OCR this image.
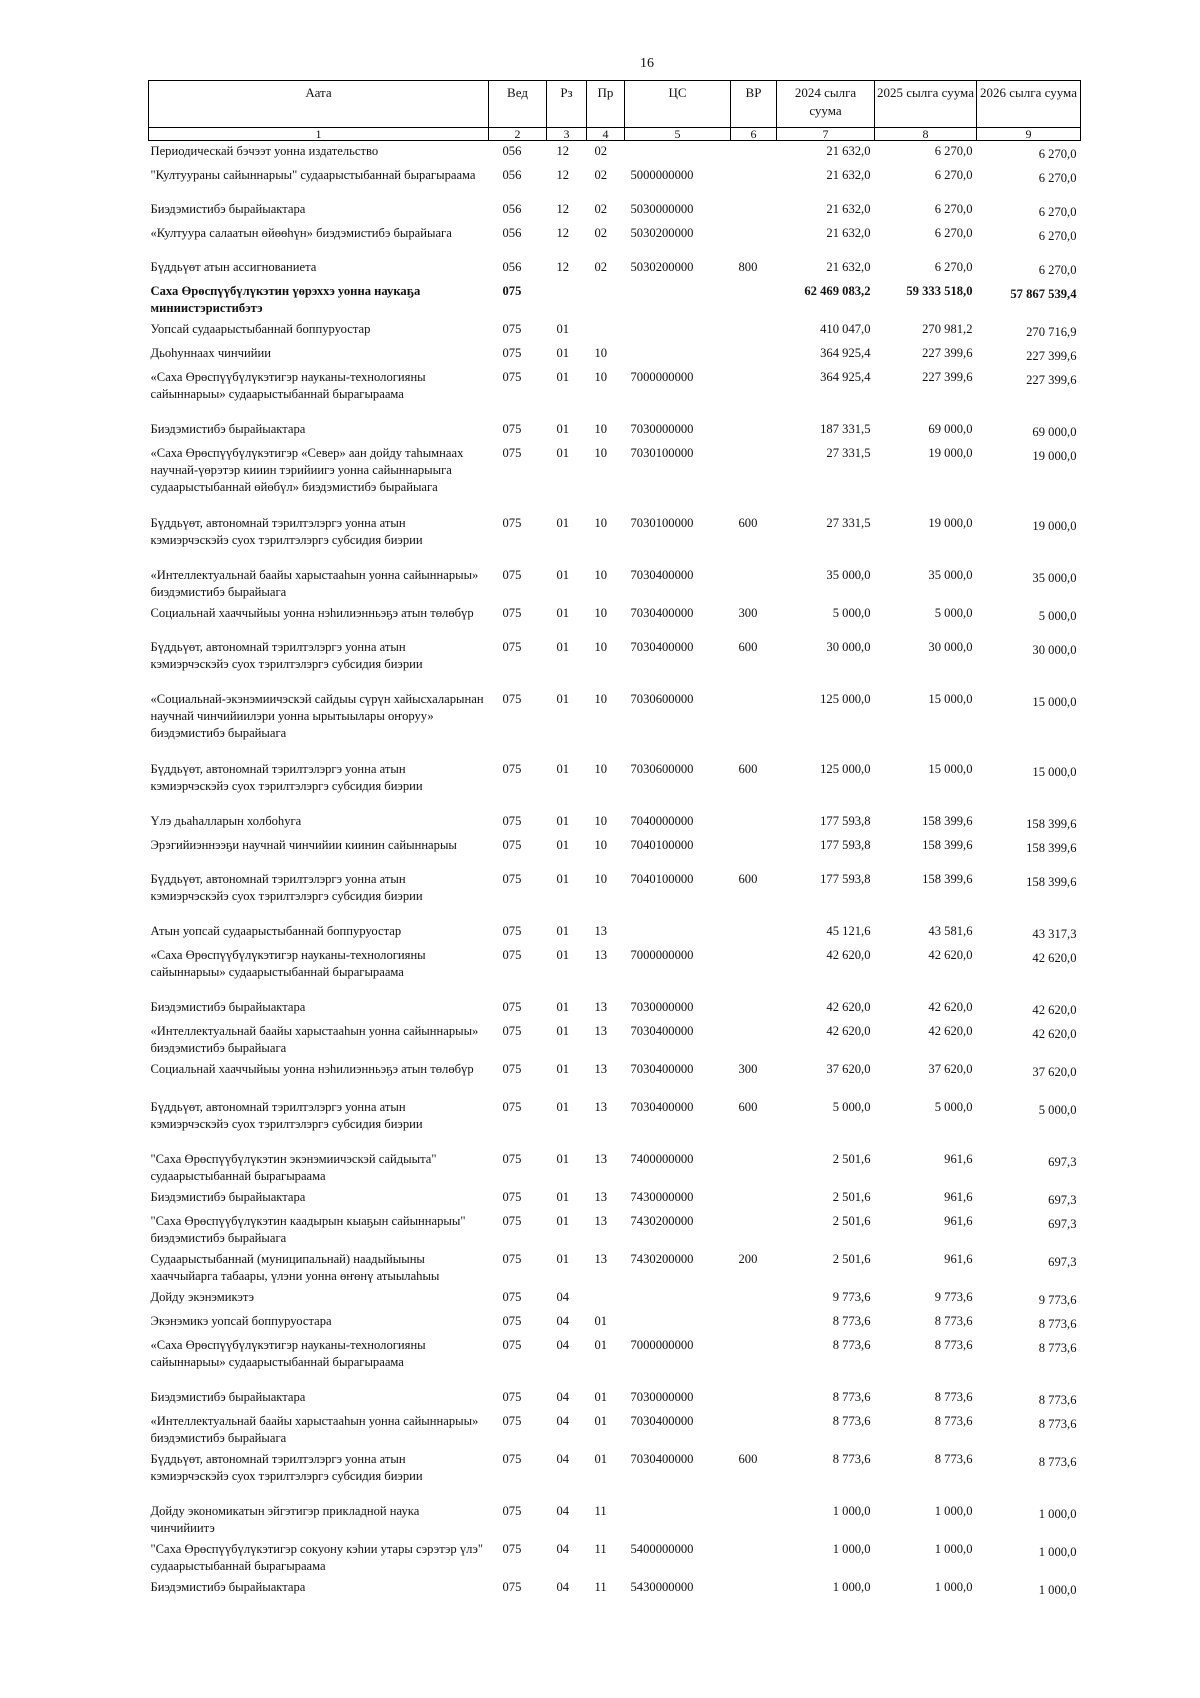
16
Аата	Вед	Рз	Пр	ЦС	ВР	2024 сылга суума	2025 сылга суума	2026 сылга суума
1	2	3	4	5	6	7	8	9
Периодическай бэчээт уонна издательство	056	12	02			21 632,0	6 270,0	6 270,0
"Култуураны сайыннарыы" судаарыстыбаннай бырагыраама	056	12	02	5000000000		21 632,0	6 270,0	6 270,0
Биэдэмистибэ бырайыактара	056	12	02	5030000000		21 632,0	6 270,0	6 270,0
«Култуура салаатын өйөөһүн» биэдэмистибэ бырайыага	056	12	02	5030200000		21 632,0	6 270,0	6 270,0
Бүддьүөт атын ассигнованиета	056	12	02	5030200000	800	21 632,0	6 270,0	6 270,0
Саха Өрөспүүбүлүкэтин үөрэххэ уонна наукаҕа миниистэристибэтэ	075					62 469 083,2	59 333 518,0	57 867 539,4
Уопсай судаарыстыбаннай боппуруостар	075	01				410 047,0	270 981,2	270 716,9
Дьоһуннаах чинчийии	075	01	10			364 925,4	227 399,6	227 399,6
«Саха Өрөспүүбүлүкэтигэр науканы-технологияны сайыннарыы» судаарыстыбаннай бырагыраама	075	01	10	7000000000		364 925,4	227 399,6	227 399,6
Биэдэмистибэ бырайыактара	075	01	10	7030000000		187 331,5	69 000,0	69 000,0
«Саха Өрөспүүбүлүкэтигэр «Север» аан дойду таһымнаах научнай-үөрэтэр кииин тэрийиигэ уонна сайыннарыыга судаарыстыбаннай өйөбүл» биэдэмистибэ бырайыага	075	01	10	7030100000		27 331,5	19 000,0	19 000,0
Бүддьүөт, автономнай тэрилтэлэргэ уонна атын кэмиэрчэскэйэ суох тэрилтэлэргэ субсидия биэрии	075	01	10	7030100000	600	27 331,5	19 000,0	19 000,0
«Интеллектуальнай баайы харыстааһын уонна сайыннарыы» биэдэмистибэ бырайыага	075	01	10	7030400000		35 000,0	35 000,0	35 000,0
Социальнай хааччыйыы уонна нэһилиэнньэҕэ атын төлөбүр	075	01	10	7030400000	300	5 000,0	5 000,0	5 000,0
Бүддьүөт, автономнай тэрилтэлэргэ уонна атын кэмиэрчэскэйэ суох тэрилтэлэргэ субсидия биэрии	075	01	10	7030400000	600	30 000,0	30 000,0	30 000,0
«Социальнай-экэнэмиичэскэй сайдыы сүрүн хайысхаларынан научнай чинчийиилэри уонна ырытыылары оҥоруу» биэдэмистибэ бырайыага	075	01	10	7030600000		125 000,0	15 000,0	15 000,0
Бүддьүөт, автономнай тэрилтэлэргэ уонна атын кэмиэрчэскэйэ суох тэрилтэлэргэ субсидия биэрии	075	01	10	7030600000	600	125 000,0	15 000,0	15 000,0
Үлэ дьаһалларын холбоһуга	075	01	10	7040000000		177 593,8	158 399,6	158 399,6
Эрэгийиэннээҕи научнай чинчийии киинин сайыннарыы	075	01	10	7040100000		177 593,8	158 399,6	158 399,6
Бүддьүөт, автономнай тэрилтэлэргэ уонна атын кэмиэрчэскэйэ суох тэрилтэлэргэ субсидия биэрии	075	01	10	7040100000	600	177 593,8	158 399,6	158 399,6
Атын уопсай судаарыстыбаннай боппуруостар	075	01	13			45 121,6	43 581,6	43 317,3
«Саха Өрөспүүбүлүкэтигэр науканы-технологияны сайыннарыы» судаарыстыбаннай бырагыраама	075	01	13	7000000000		42 620,0	42 620,0	42 620,0
Биэдэмистибэ бырайыактара	075	01	13	7030000000		42 620,0	42 620,0	42 620,0
«Интеллектуальнай баайы харыстааһын уонна сайыннарыы» биэдэмистибэ бырайыага	075	01	13	7030400000		42 620,0	42 620,0	42 620,0
Социальнай хааччыйыы уонна нэһилиэнньэҕэ атын төлөбүр	075	01	13	7030400000	300	37 620,0	37 620,0	37 620,0
Бүддьүөт, автономнай тэрилтэлэргэ уонна атын кэмиэрчэскэйэ суох тэрилтэлэргэ субсидия биэрии	075	01	13	7030400000	600	5 000,0	5 000,0	5 000,0
"Саха Өрөспүүбүлүкэтин экэнэмиичэскэй сайдыыта" судаарыстыбаннай бырагыраама	075	01	13	7400000000		2 501,6	961,6	697,3
Биэдэмистибэ бырайыактара	075	01	13	7430000000		2 501,6	961,6	697,3
"Саха Өрөспүүбүлүкэтин каадырын кыаҕын сайыннарыы" биэдэмистибэ бырайыага	075	01	13	7430200000		2 501,6	961,6	697,3
Судаарыстыбаннай (муниципальнай) наадыйыыны хааччыйарга табаары, үлэни уонна өҥөнү атыылаһыы	075	01	13	7430200000	200	2 501,6	961,6	697,3
Дойду экэнэмикэтэ	075	04				9 773,6	9 773,6	9 773,6
Экэнэмикэ уопсай боппуруостара	075	04	01			8 773,6	8 773,6	8 773,6
«Саха Өрөспүүбүлүкэтигэр науканы-технологияны сайыннарыы» судаарыстыбаннай бырагыраама	075	04	01	7000000000		8 773,6	8 773,6	8 773,6
Биэдэмистибэ бырайыактара	075	04	01	7030000000		8 773,6	8 773,6	8 773,6
«Интеллектуальнай баайы харыстааһын уонна сайыннарыы» биэдэмистибэ бырайыага	075	04	01	7030400000		8 773,6	8 773,6	8 773,6
Бүддьүөт, автономнай тэрилтэлэргэ уонна атын кэмиэрчэскэйэ суох тэрилтэлэргэ субсидия биэрии	075	04	01	7030400000	600	8 773,6	8 773,6	8 773,6
Дойду экономикатын эйгэтигэр прикладной наука чинчийиитэ	075	04	11			1 000,0	1 000,0	1 000,0
"Саха Өрөспүүбүлүкэтигэр сокуону кэһии утары сэрэтэр үлэ" судаарыстыбаннай бырагыраама	075	04	11	5400000000		1 000,0	1 000,0	1 000,0
Биэдэмистибэ бырайыактара	075	04	11	5430000000		1 000,0	1 000,0	1 000,0
